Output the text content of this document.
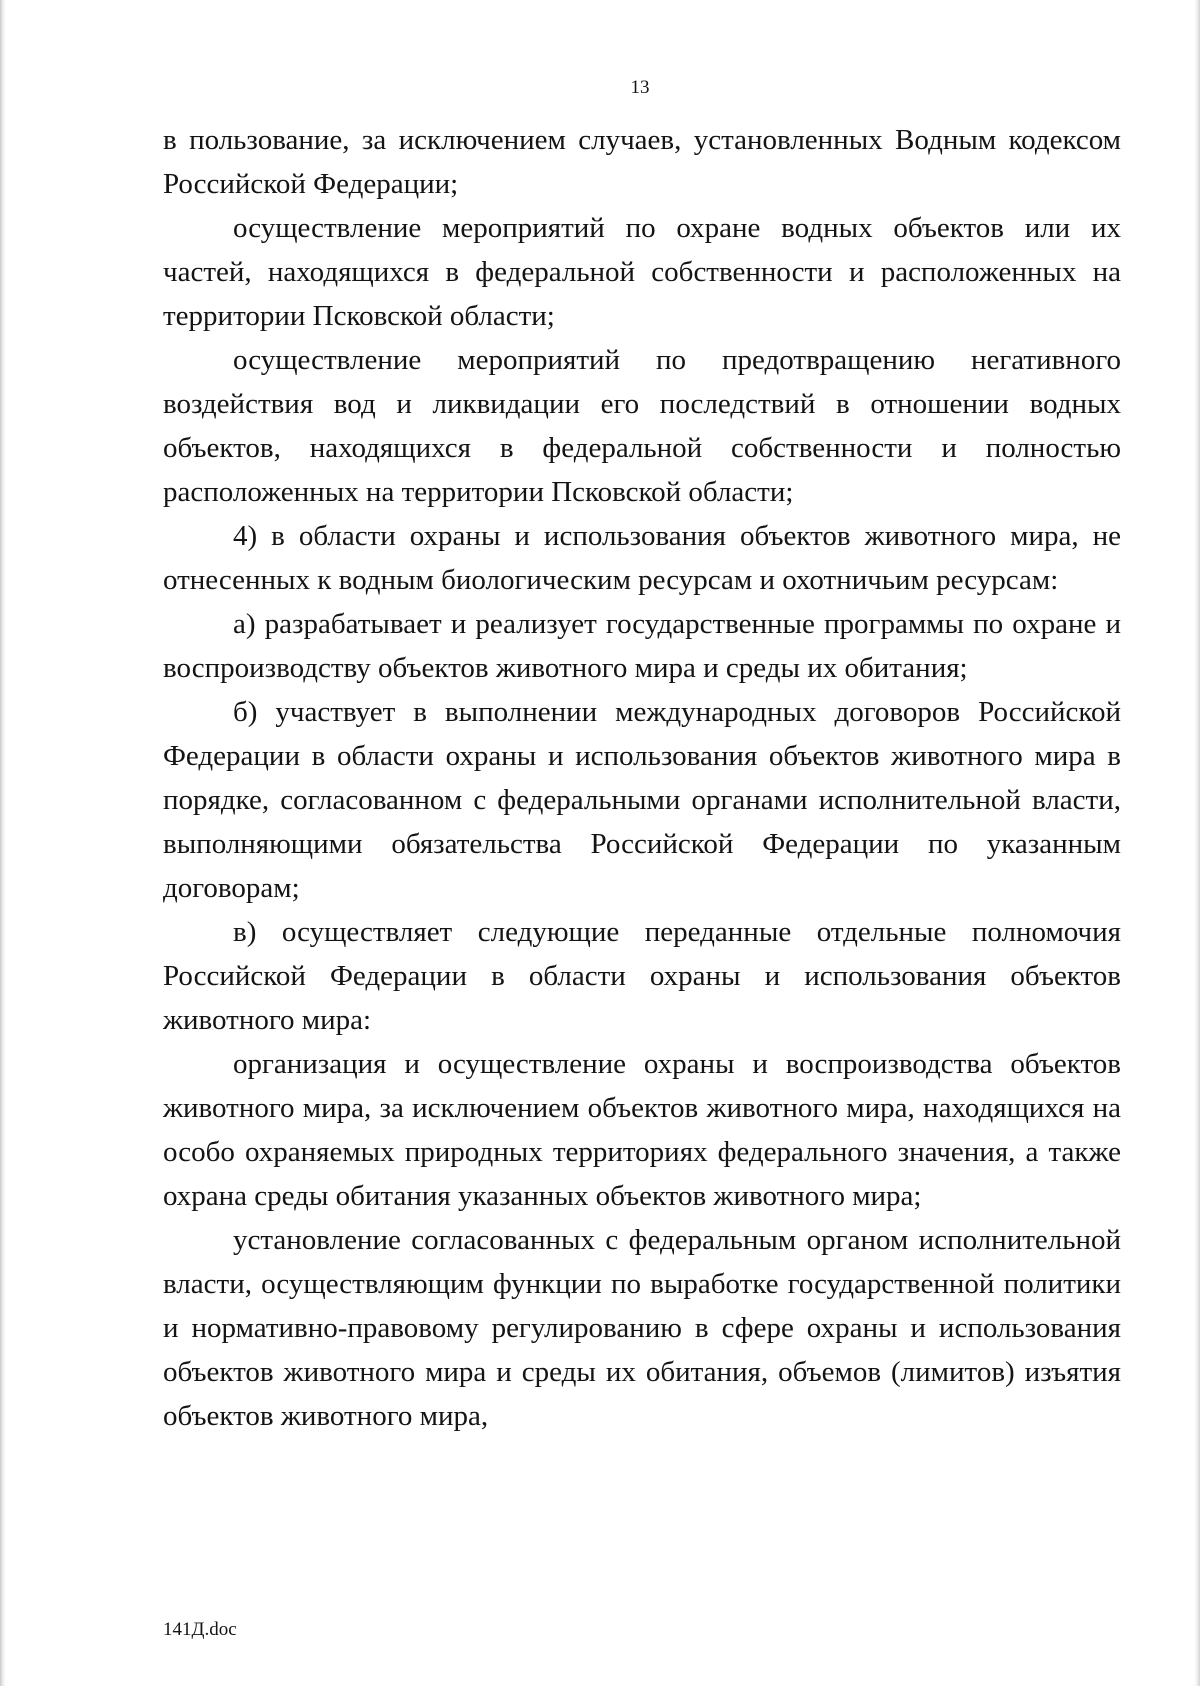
13

в пользование, за исключением случаев, установленных Водным кодексом Российской Федерации;

осуществление мероприятий по охране водных объектов или их частей, находящихся в федеральной собственности и расположенных на территории Псковской области;

осуществление мероприятий по предотвращению негативного воздействия вод и ликвидации его последствий в отношении водных объектов, находящихся в федеральной собственности и полностью расположенных на территории Псковской области;

4) в области охраны и использования объектов животного мира, не отнесенных к водным биологическим ресурсам и охотничьим ресурсам:

а) разрабатывает и реализует государственные программы по охране и воспроизводству объектов животного мира и среды их обитания;

б) участвует в выполнении международных договоров Российской Федерации в области охраны и использования объектов животного мира в порядке, согласованном с федеральными органами исполнительной власти, выполняющими обязательства Российской Федерации по указанным договорам;

в) осуществляет следующие переданные отдельные полномочия Российской Федерации в области охраны и использования объектов животного мира:

организация и осуществление охраны и воспроизводства объектов животного мира, за исключением объектов животного мира, находящихся на особо охраняемых природных территориях федерального значения, а также охрана среды обитания указанных объектов животного мира;

установление согласованных с федеральным органом исполнительной власти, осуществляющим функции по выработке государственной политики и нормативно-правовому регулированию в сфере охраны и использования объектов животного мира и среды их обитания, объемов (лимитов) изъятия объектов животного мира,

141Д.doc
